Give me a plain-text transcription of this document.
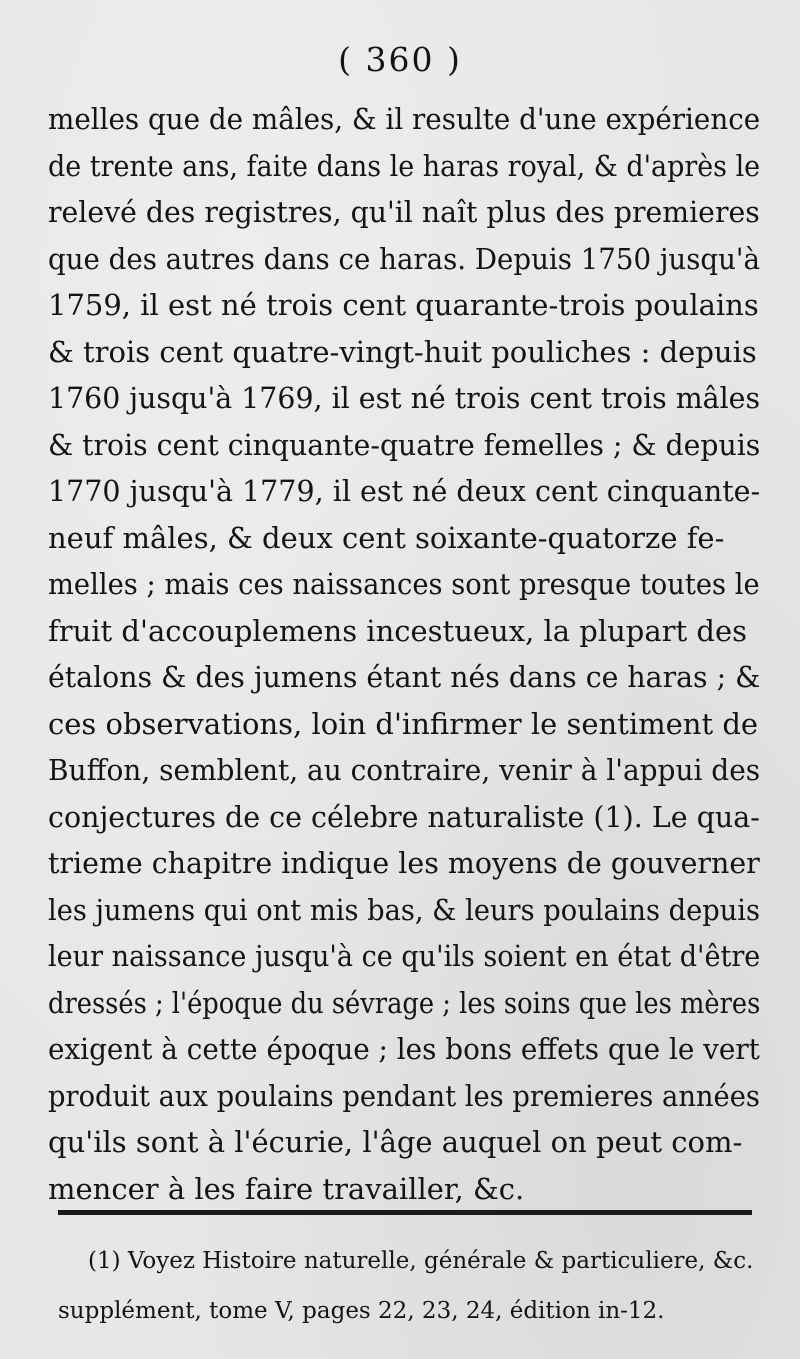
( 360 )
melles que de mâles, & il resulte d'une expérience
de trente ans, faite dans le haras royal, & d'après le
relevé des registres, qu'il naît plus des premieres
que des autres dans ce haras. Depuis 1750 jusqu'à
1759, il est né trois cent quarante-trois poulains
& trois cent quatre-vingt-huit pouliches : depuis
1760 jusqu'à 1769, il est né trois cent trois mâles
& trois cent cinquante-quatre femelles ; & depuis
1770 jusqu'à 1779, il est né deux cent cinquante-
neuf mâles, & deux cent soixante-quatorze fe-
melles ; mais ces naissances sont presque toutes le
fruit d'accouplemens incestueux, la plupart des
étalons & des jumens étant nés dans ce haras ; &
ces observations, loin d'infirmer le sentiment de
Buffon, semblent, au contraire, venir à l'appui des
conjectures de ce célebre naturaliste (1). Le qua-
trieme chapitre indique les moyens de gouverner
les jumens qui ont mis bas, & leurs poulains depuis
leur naissance jusqu'à ce qu'ils soient en état d'être
dressés ; l'époque du sévrage ; les soins que les mères
exigent à cette époque ; les bons effets que le vert
produit aux poulains pendant les premieres années
qu'ils sont à l'écurie, l'âge auquel on peut com-
mencer à les faire travailler, &c.
(1) Voyez Histoire naturelle, générale & particuliere, &c.
supplément, tome V, pages 22, 23, 24, édition in-12.
